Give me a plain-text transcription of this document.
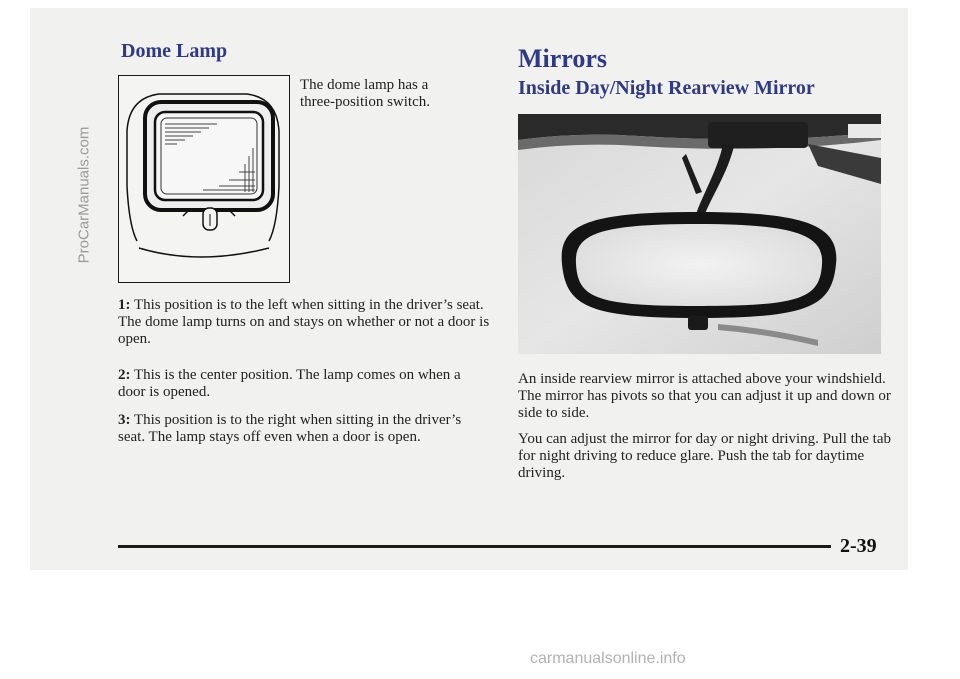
ProCarManuals.com
Dome Lamp
The dome lamp has a three-position switch.
1: This position is to the left when sitting in the driver’s seat. The dome lamp turns on and stays on whether or not a door is open.
2: This is the center position. The lamp comes on when a door is opened.
3: This position is to the right when sitting in the driver’s seat. The lamp stays off even when a door is open.
Mirrors
Inside Day/Night Rearview Mirror
An inside rearview mirror is attached above your windshield. The mirror has pivots so that you can adjust it up and down or side to side.
You can adjust the mirror for day or night driving. Pull the tab for night driving to reduce glare. Push the tab for daytime driving.
2-39
carmanualsonline.info
